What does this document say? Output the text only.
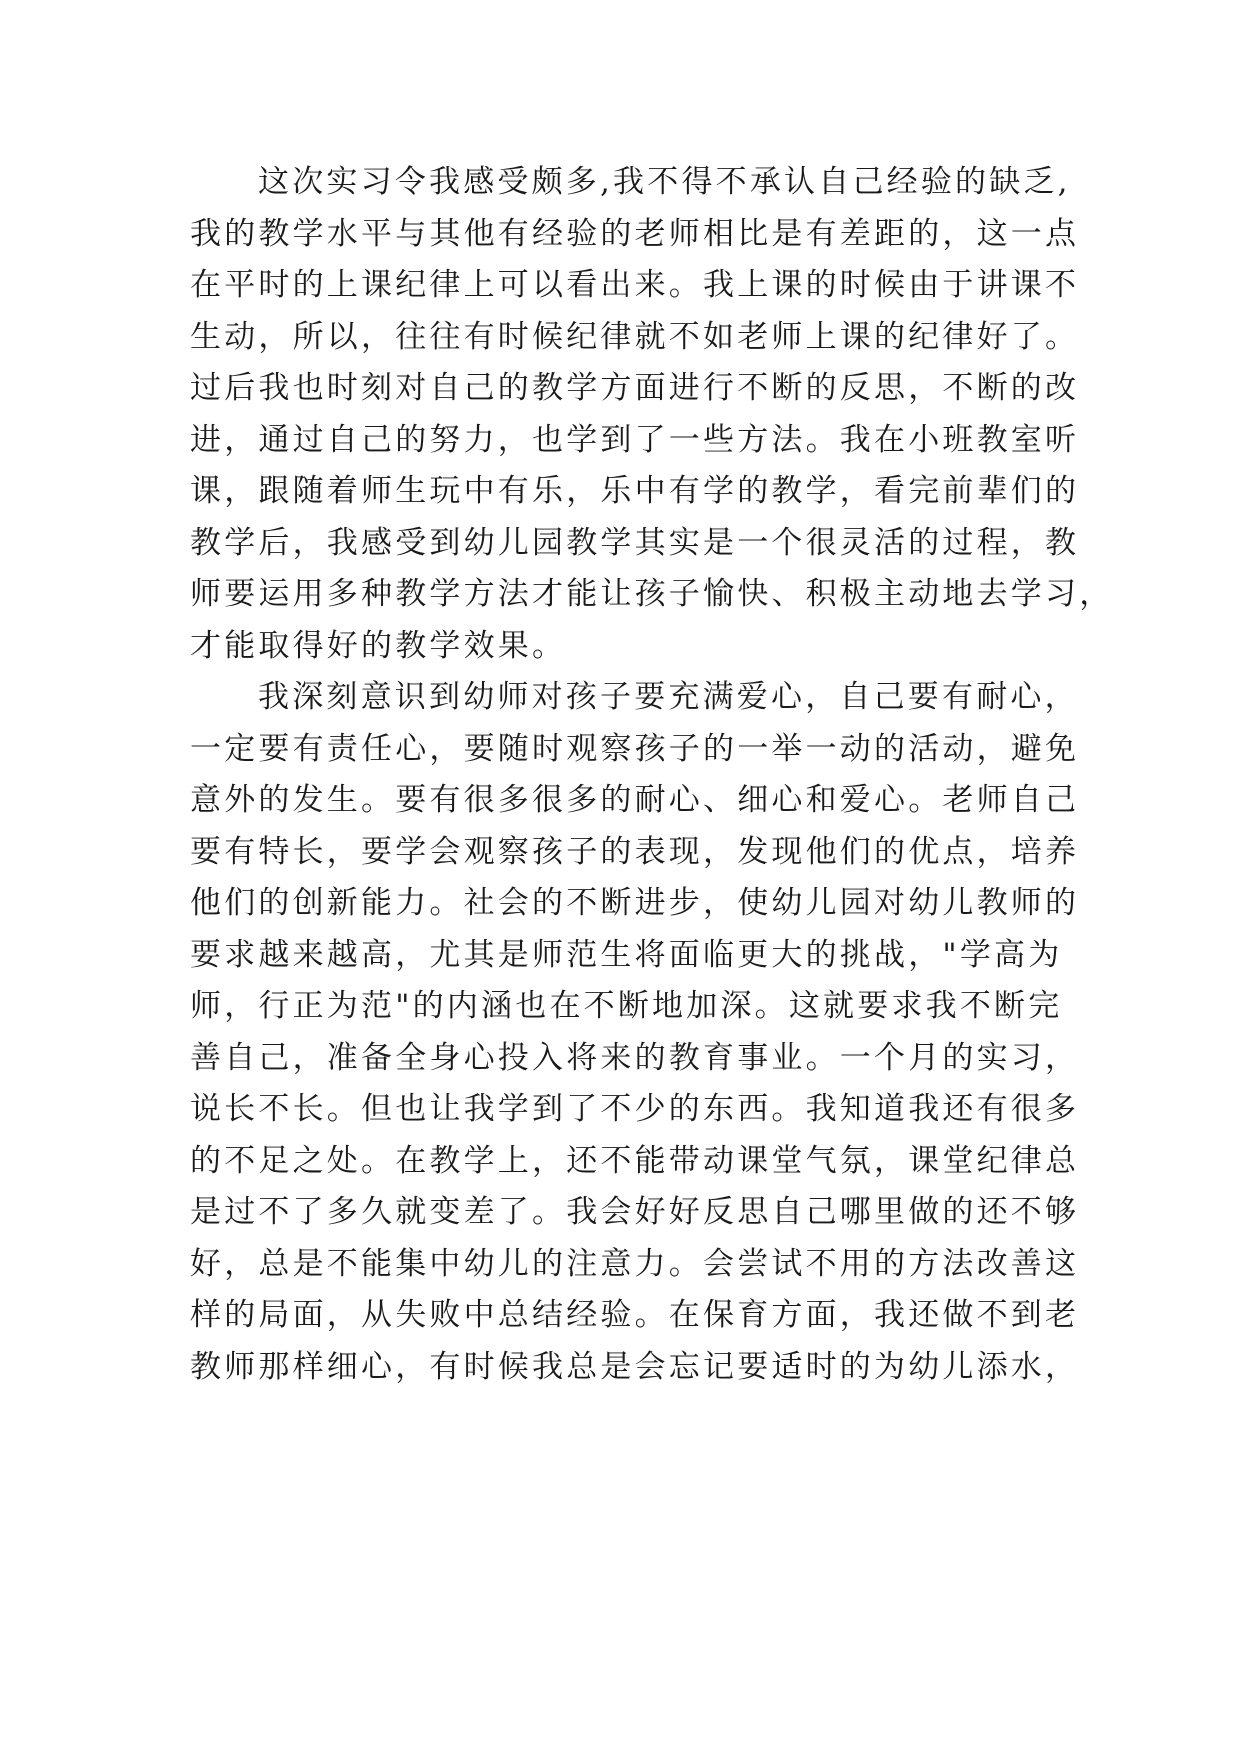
这次实习令我感受颇多,我不得不承认自己经验的缺乏,
我的教学水平与其他有经验的老师相比是有差距的，这一点
在平时的上课纪律上可以看出来。我上课的时候由于讲课不
生动，所以，往往有时候纪律就不如老师上课的纪律好了。
过后我也时刻对自己的教学方面进行不断的反思，不断的改
进，通过自己的努力，也学到了一些方法。我在小班教室听
课，跟随着师生玩中有乐，乐中有学的教学，看完前辈们的
教学后，我感受到幼儿园教学其实是一个很灵活的过程，教
师要运用多种教学方法才能让孩子愉快、积极主动地去学习，
才能取得好的教学效果。
我深刻意识到幼师对孩子要充满爱心，自己要有耐心，
一定要有责任心，要随时观察孩子的一举一动的活动，避免
意外的发生。要有很多很多的耐心、细心和爱心。老师自己
要有特长，要学会观察孩子的表现，发现他们的优点，培养
他们的创新能力。社会的不断进步，使幼儿园对幼儿教师的
要求越来越高，尤其是师范生将面临更大的挑战，"学高为
师，行正为范"的内涵也在不断地加深。这就要求我不断完
善自己，准备全身心投入将来的教育事业。一个月的实习，
说长不长。但也让我学到了不少的东西。我知道我还有很多
的不足之处。在教学上，还不能带动课堂气氛，课堂纪律总
是过不了多久就变差了。我会好好反思自己哪里做的还不够
好，总是不能集中幼儿的注意力。会尝试不用的方法改善这
样的局面，从失败中总结经验。在保育方面，我还做不到老
教师那样细心，有时候我总是会忘记要适时的为幼儿添水，
